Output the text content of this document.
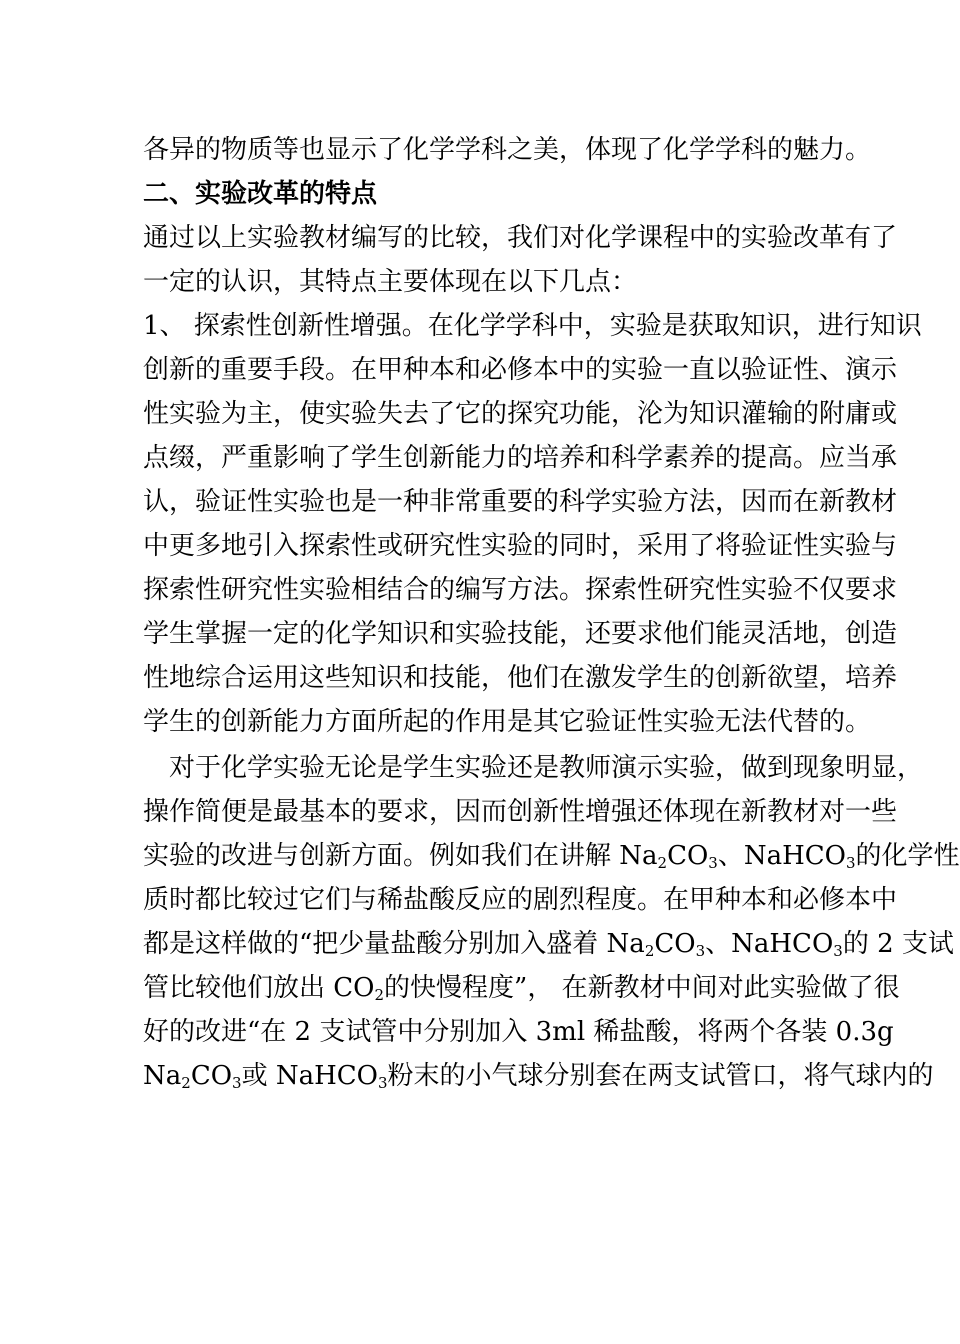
各异的物质等也显示了化学学科之美，体现了化学学科的魅力。
二、实验改革的特点
通过以上实验教材编写的比较，我们对化学课程中的实验改革有了
一定的认识，其特点主要体现在以下几点：
1、 探索性创新性增强。在化学学科中，实验是获取知识，进行知识
创新的重要手段。在甲种本和必修本中的实验一直以验证性、演示
性实验为主，使实验失去了它的探究功能，沦为知识灌输的附庸或
点缀，严重影响了学生创新能力的培养和科学素养的提高。应当承
认，验证性实验也是一种非常重要的科学实验方法，因而在新教材
中更多地引入探索性或研究性实验的同时，采用了将验证性实验与
探索性研究性实验相结合的编写方法。探索性研究性实验不仅要求
学生掌握一定的化学知识和实验技能，还要求他们能灵活地，创造
性地综合运用这些知识和技能，他们在激发学生的创新欲望，培养
学生的创新能力方面所起的作用是其它验证性实验无法代替的。
对于化学实验无论是学生实验还是教师演示实验，做到现象明显，
操作简便是最基本的要求，因而创新性增强还体现在新教材对一些
实验的改进与创新方面。例如我们在讲解 $Na_2CO_3$、NaHCO$_3$的化学性
质时都比较过它们与稀盐酸反应的剧烈程度。在甲种本和必修本中
都是这样做的“把少量盐酸分别加入盛着 $Na_2CO_3$、NaHCO$_3$的 2 支试
管比较他们放出 $CO_2$的快慢程度”， 在新教材中间对此实验做了很
好的改进“在 2 支试管中分别加入 3ml 稀盐酸，将两个各装 0.3g
$Na_2CO_3$或 NaHCO$_3$粉末的小气球分别套在两支试管口，将气球内的
